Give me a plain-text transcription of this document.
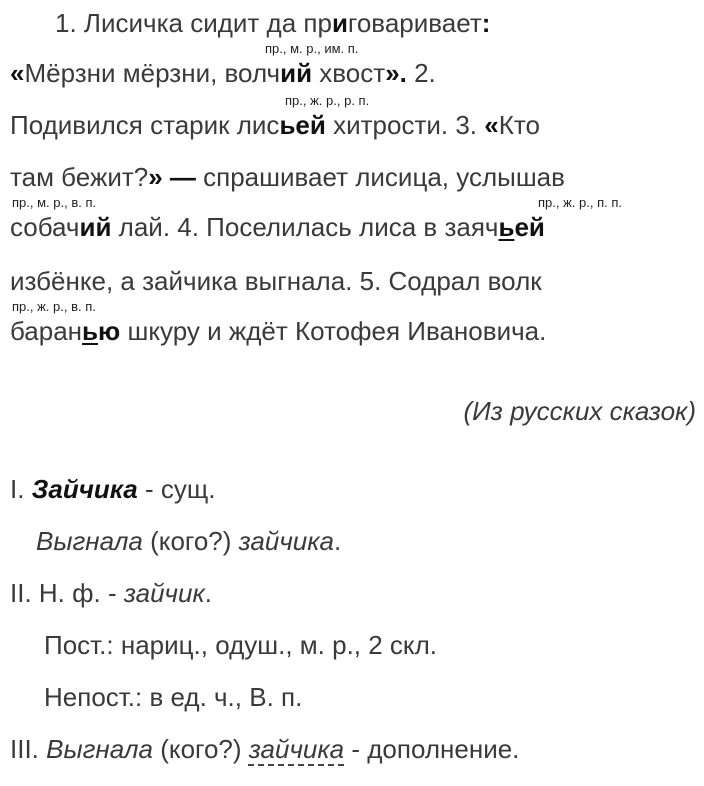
1. Лисичка сидит да приговаривает:
пр., м. р., им. п.
«Мёрзни мёрзни, волчий хвост». 2.
пр., ж. р., р. п.
Подивился старик лисьей хитрости. 3. «Кто
там бежит?» — спрашивает лисица, услышав
пр., м. р., в. п.	пр., ж. р., п. п.
собачий лай. 4. Поселилась лиса в заячьей
избёнке, а зайчика выгнала. 5. Содрал волк
пр., ж. р., в. п.
баранью шкуру и ждёт Котофея Ивановича.
(Из русских сказок)
I. Зайчика - сущ.
Выгнала (кого?) зайчика.
II. Н. ф. - зайчик.
Пост.: нариц., одуш., м. р., 2 скл.
Непост.: в ед. ч., В. п.
III. Выгнала (кого?) зайчика - дополнение.
